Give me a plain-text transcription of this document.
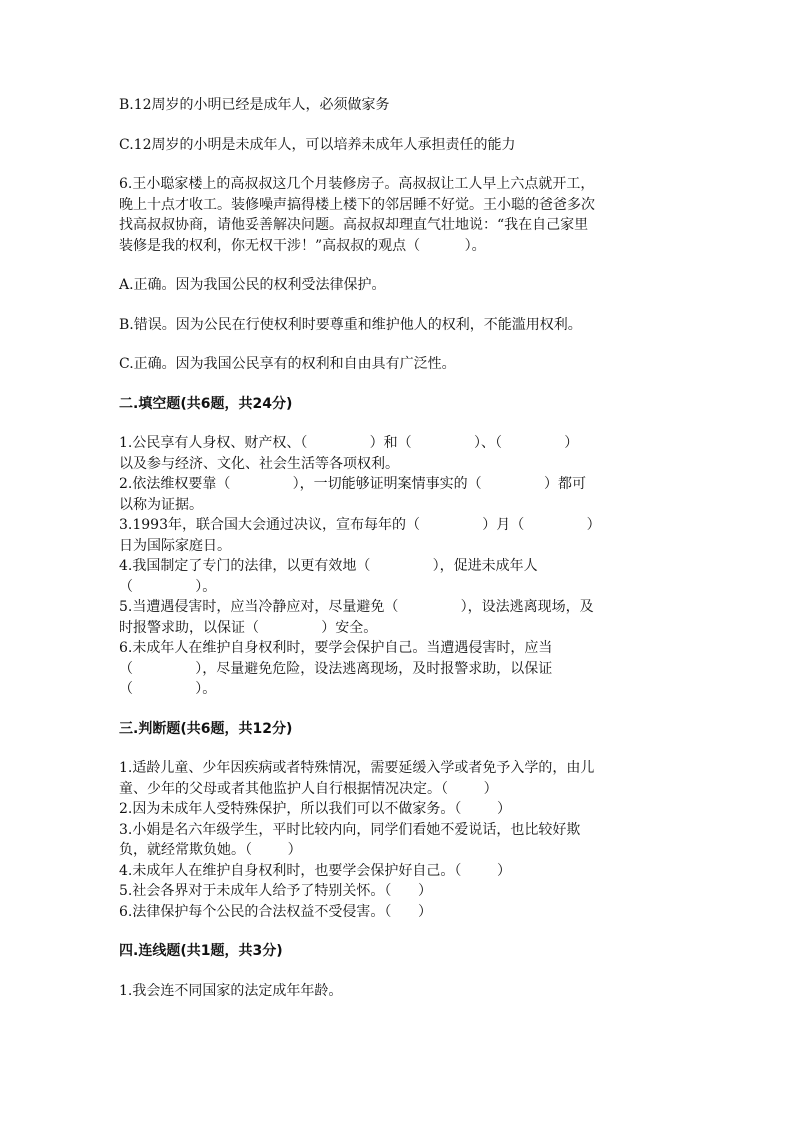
B.12周岁的小明已经是成年人，必须做家务

C.12周岁的小明是未成年人，可以培养未成年人承担责任的能力

6.王小聪家楼上的高叔叔这几个月装修房子。高叔叔让工人早上六点就开工，

晚上十点才收工。装修噪声搞得楼上楼下的邻居睡不好觉。王小聪的爸爸多次

找高叔叔协商，请他妥善解决问题。高叔叔却理直气壮地说：“我在自己家里

装修是我的权利，你无权干涉！”高叔叔的观点（          ）。

A.正确。因为我国公民的权利受法律保护。

B.错误。因为公民在行使权利时要尊重和维护他人的权利，不能滥用权利。

C.正确。因为我国公民享有的权利和自由具有广泛性。

二.填空题(共6题，共24分)

1.公民享有人身权、财产权、（              ）和（              ）、（              ）

以及参与经济、文化、社会生活等各项权利。

2.依法维权要靠（              ），一切能够证明案情事实的（              ）都可

以称为证据。

3.1993年，联合国大会通过决议，宣布每年的（              ）月（              ）

日为国际家庭日。

4.我国制定了专门的法律，以更有效地（              ），促进未成年人

（              ）。

5.当遭遇侵害时，应当冷静应对，尽量避免（              ），设法逃离现场，及

时报警求助，以保证（              ）安全。

6.未成年人在维护自身权利时，要学会保护自己。当遭遇侵害时，应当

（              ），尽量避免危险，设法逃离现场，及时报警求助，以保证

（              ）。

三.判断题(共6题，共12分)

1.适龄儿童、少年因疾病或者特殊情况，需要延缓入学或者免予入学的，由儿

童、少年的父母或者其他监护人自行根据情况决定。（        ）

2.因为未成年人受特殊保护，所以我们可以不做家务。（        ）

3.小娟是名六年级学生，平时比较内向，同学们看她不爱说话，也比较好欺

负，就经常欺负她。（        ）

4.未成年人在维护自身权利时，也要学会保护好自己。（        ）

5.社会各界对于未成年人给予了特别关怀。（      ）

6.法律保护每个公民的合法权益不受侵害。（      ）

四.连线题(共1题，共3分)

1.我会连不同国家的法定成年年龄。
